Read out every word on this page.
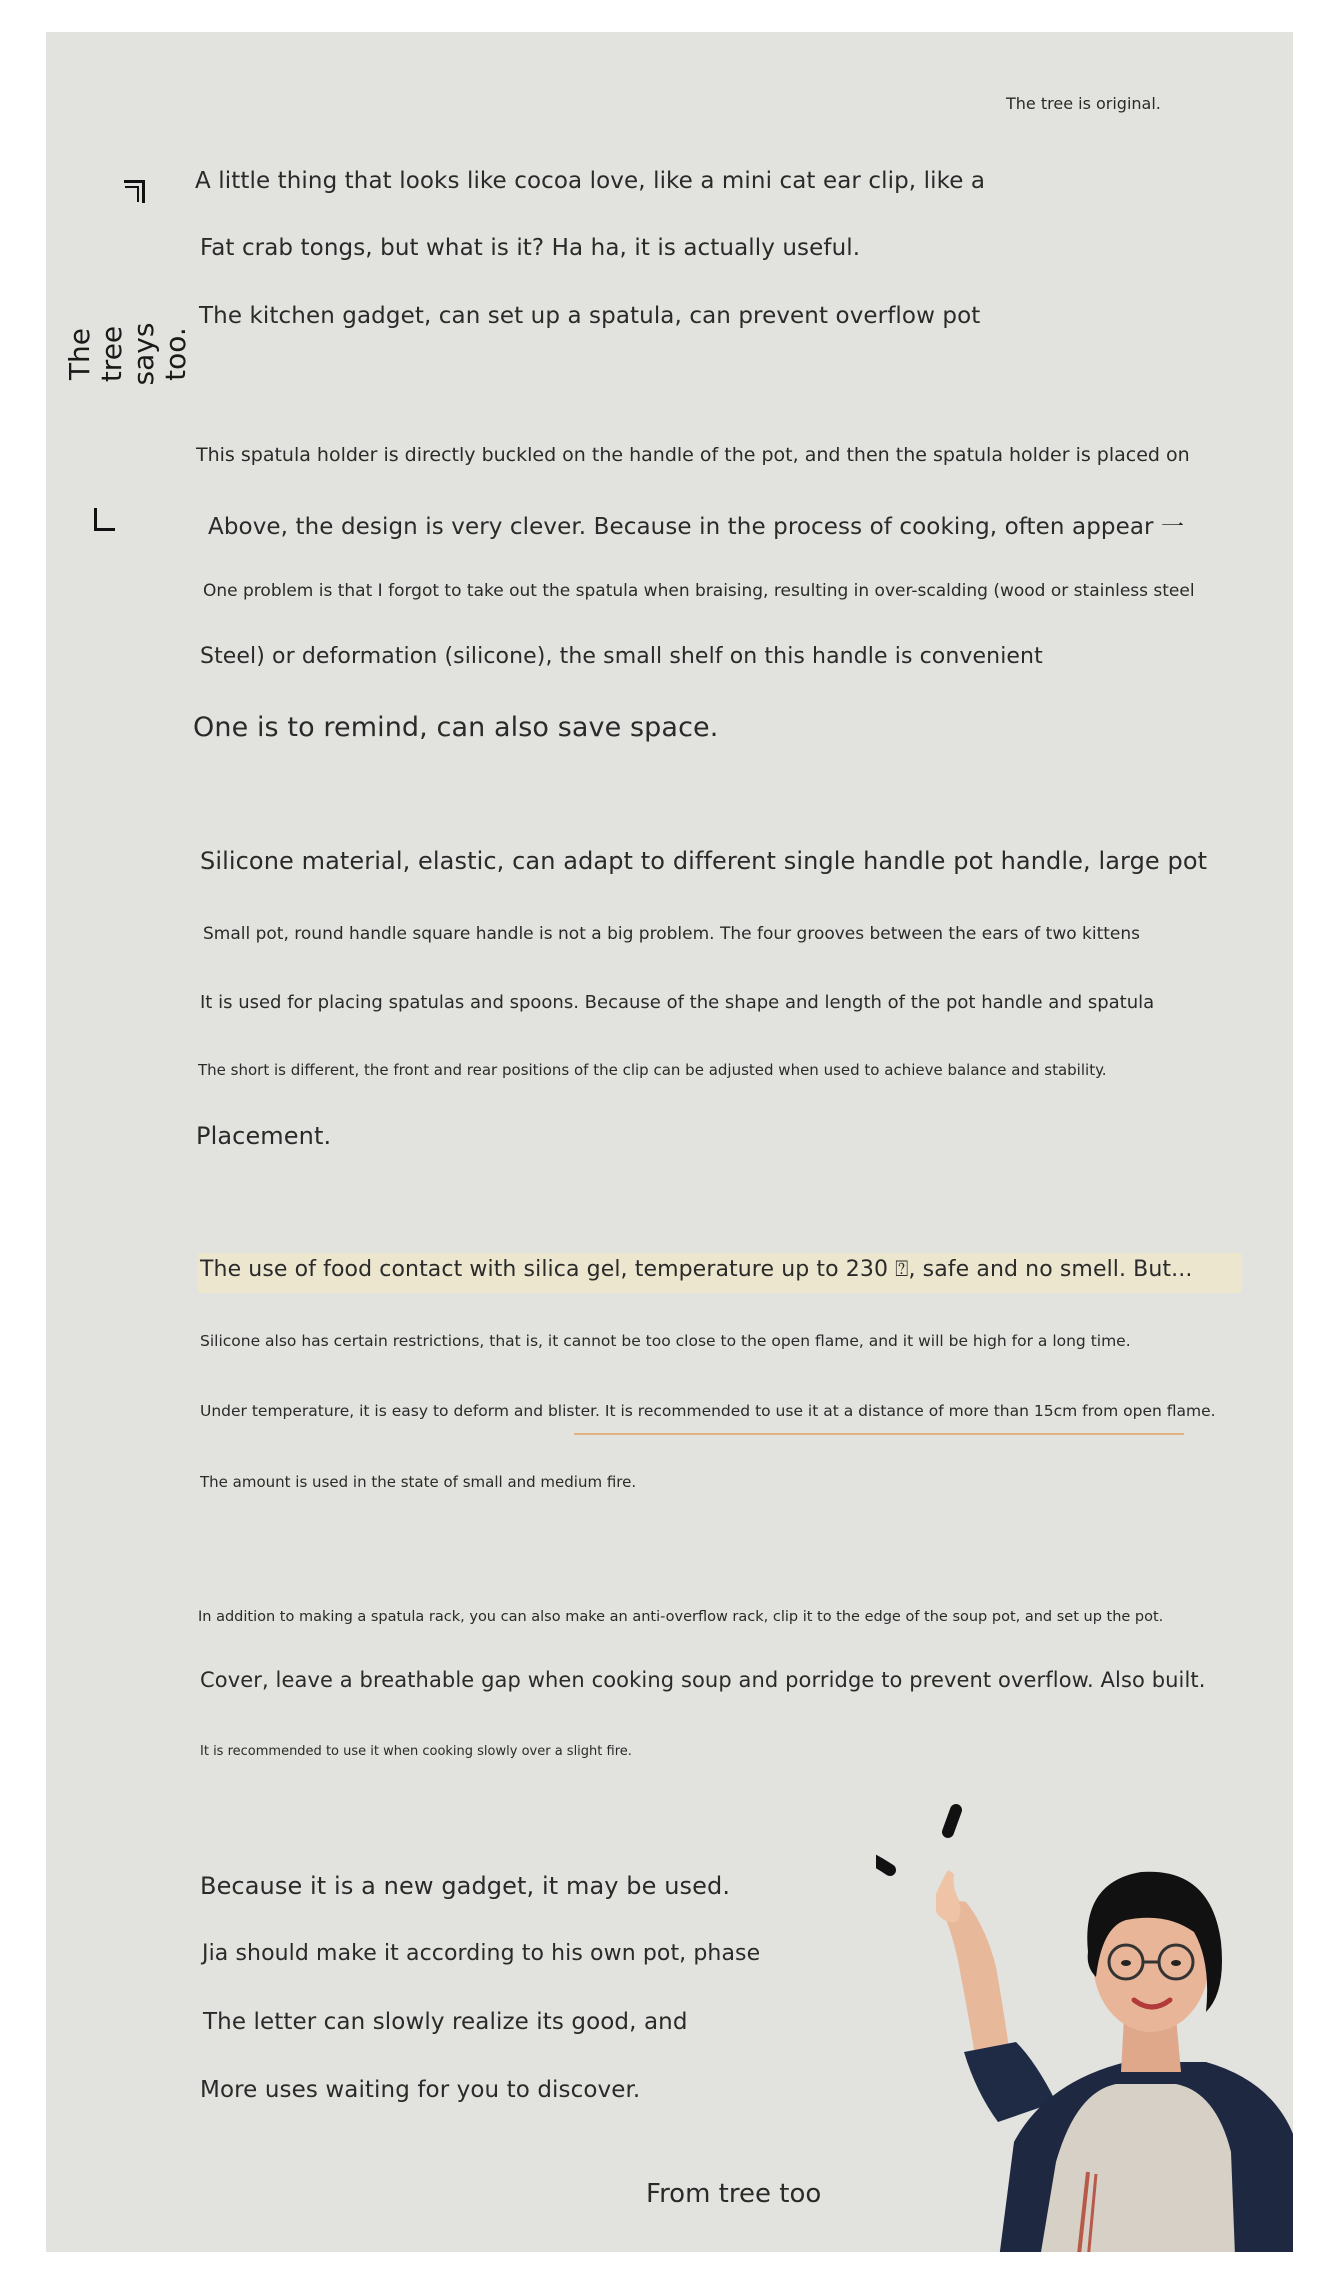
The tree is original.
The tree says too.
A little thing that looks like cocoa love, like a mini cat ear clip, like a
Fat crab tongs, but what is it? Ha ha, it is actually useful.
The kitchen gadget, can set up a spatula, can prevent overflow pot
This spatula holder is directly buckled on the handle of the pot, and then the spatula holder is placed on
Above, the design is very clever. Because in the process of cooking, often appear 一
One problem is that I forgot to take out the spatula when braising, resulting in over-scalding (wood or stainless steel
Steel) or deformation (silicone), the small shelf on this handle is convenient
One is to remind, can also save space.
Silicone material, elastic, can adapt to different single handle pot handle, large pot
Small pot, round handle square handle is not a big problem. The four grooves between the ears of two kittens
It is used for placing spatulas and spoons. Because of the shape and length of the pot handle and spatula
The short is different, the front and rear positions of the clip can be adjusted when used to achieve balance and stability.
Placement.
The use of food contact with silica gel, temperature up to 230 ⍰, safe and no smell. But...
Silicone also has certain restrictions, that is, it cannot be too close to the open flame, and it will be high for a long time.
Under temperature, it is easy to deform and blister. It is recommended to use it at a distance of more than 15cm from open flame.
The amount is used in the state of small and medium fire.
In addition to making a spatula rack, you can also make an anti-overflow rack, clip it to the edge of the soup pot, and set up the pot.
Cover, leave a breathable gap when cooking soup and porridge to prevent overflow. Also built.
It is recommended to use it when cooking slowly over a slight fire.
Because it is a new gadget, it may be used.
Jia should make it according to his own pot, phase
The letter can slowly realize its good, and
More uses waiting for you to discover.
From tree too
